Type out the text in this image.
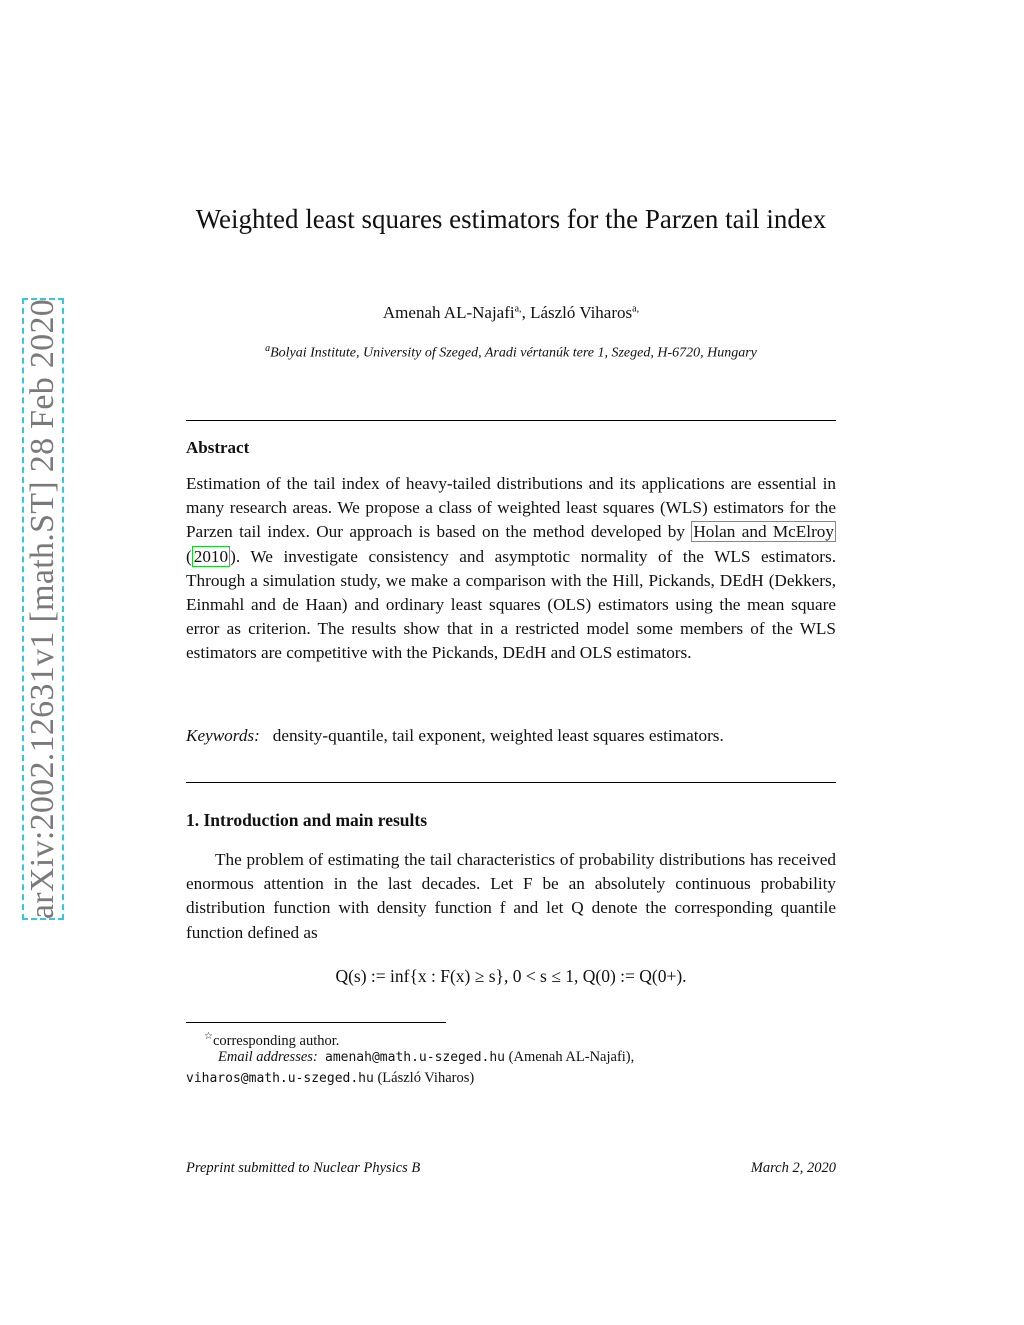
arXiv:2002.12631v1 [math.ST] 28 Feb 2020
Weighted least squares estimators for the Parzen tail index
Amenah AL-Najafi$^{a,}$, László Viharos$^{a,}$
$^a$Bolyai Institute, University of Szeged, Aradi vértanúk tere 1, Szeged, H-6720, Hungary
Abstract

Estimation of the tail index of heavy-tailed distributions and its applications are essential in many research areas. We propose a class of weighted least squares (WLS) estimators for the Parzen tail index. Our approach is based on the method developed by Holan and McElroy ( 2010 ). We investigate consistency and asymptotic normality of the WLS estimators. Through a simulation study, we make a comparison with the Hill, Pickands, DEdH (Dekkers, Einmahl and de Haan) and ordinary least squares (OLS) estimators using the mean square error as criterion. The results show that in a restricted model some members of the WLS estimators are competitive with the Pickands, DEdH and OLS estimators.

Keywords: density-quantile, tail exponent, weighted least squares estimators.

1. Introduction and main results

The problem of estimating the tail characteristics of probability distributions has received enormous attention in the last decades. Let F be an absolutely continuous probability distribution function with density function f and let Q denote the corresponding quantile function defined as

Q(s) := inf{x : F(x) ≥ s}, 0 < s ≤ 1, Q(0) := Q(0+).
☆corresponding author.
Email addresses: amenah@math.u-szeged.hu (Amenah AL-Najafi),
viharos@math.u-szeged.hu (László Viharos)
Preprint submitted to Nuclear Physics B	March 2, 2020
